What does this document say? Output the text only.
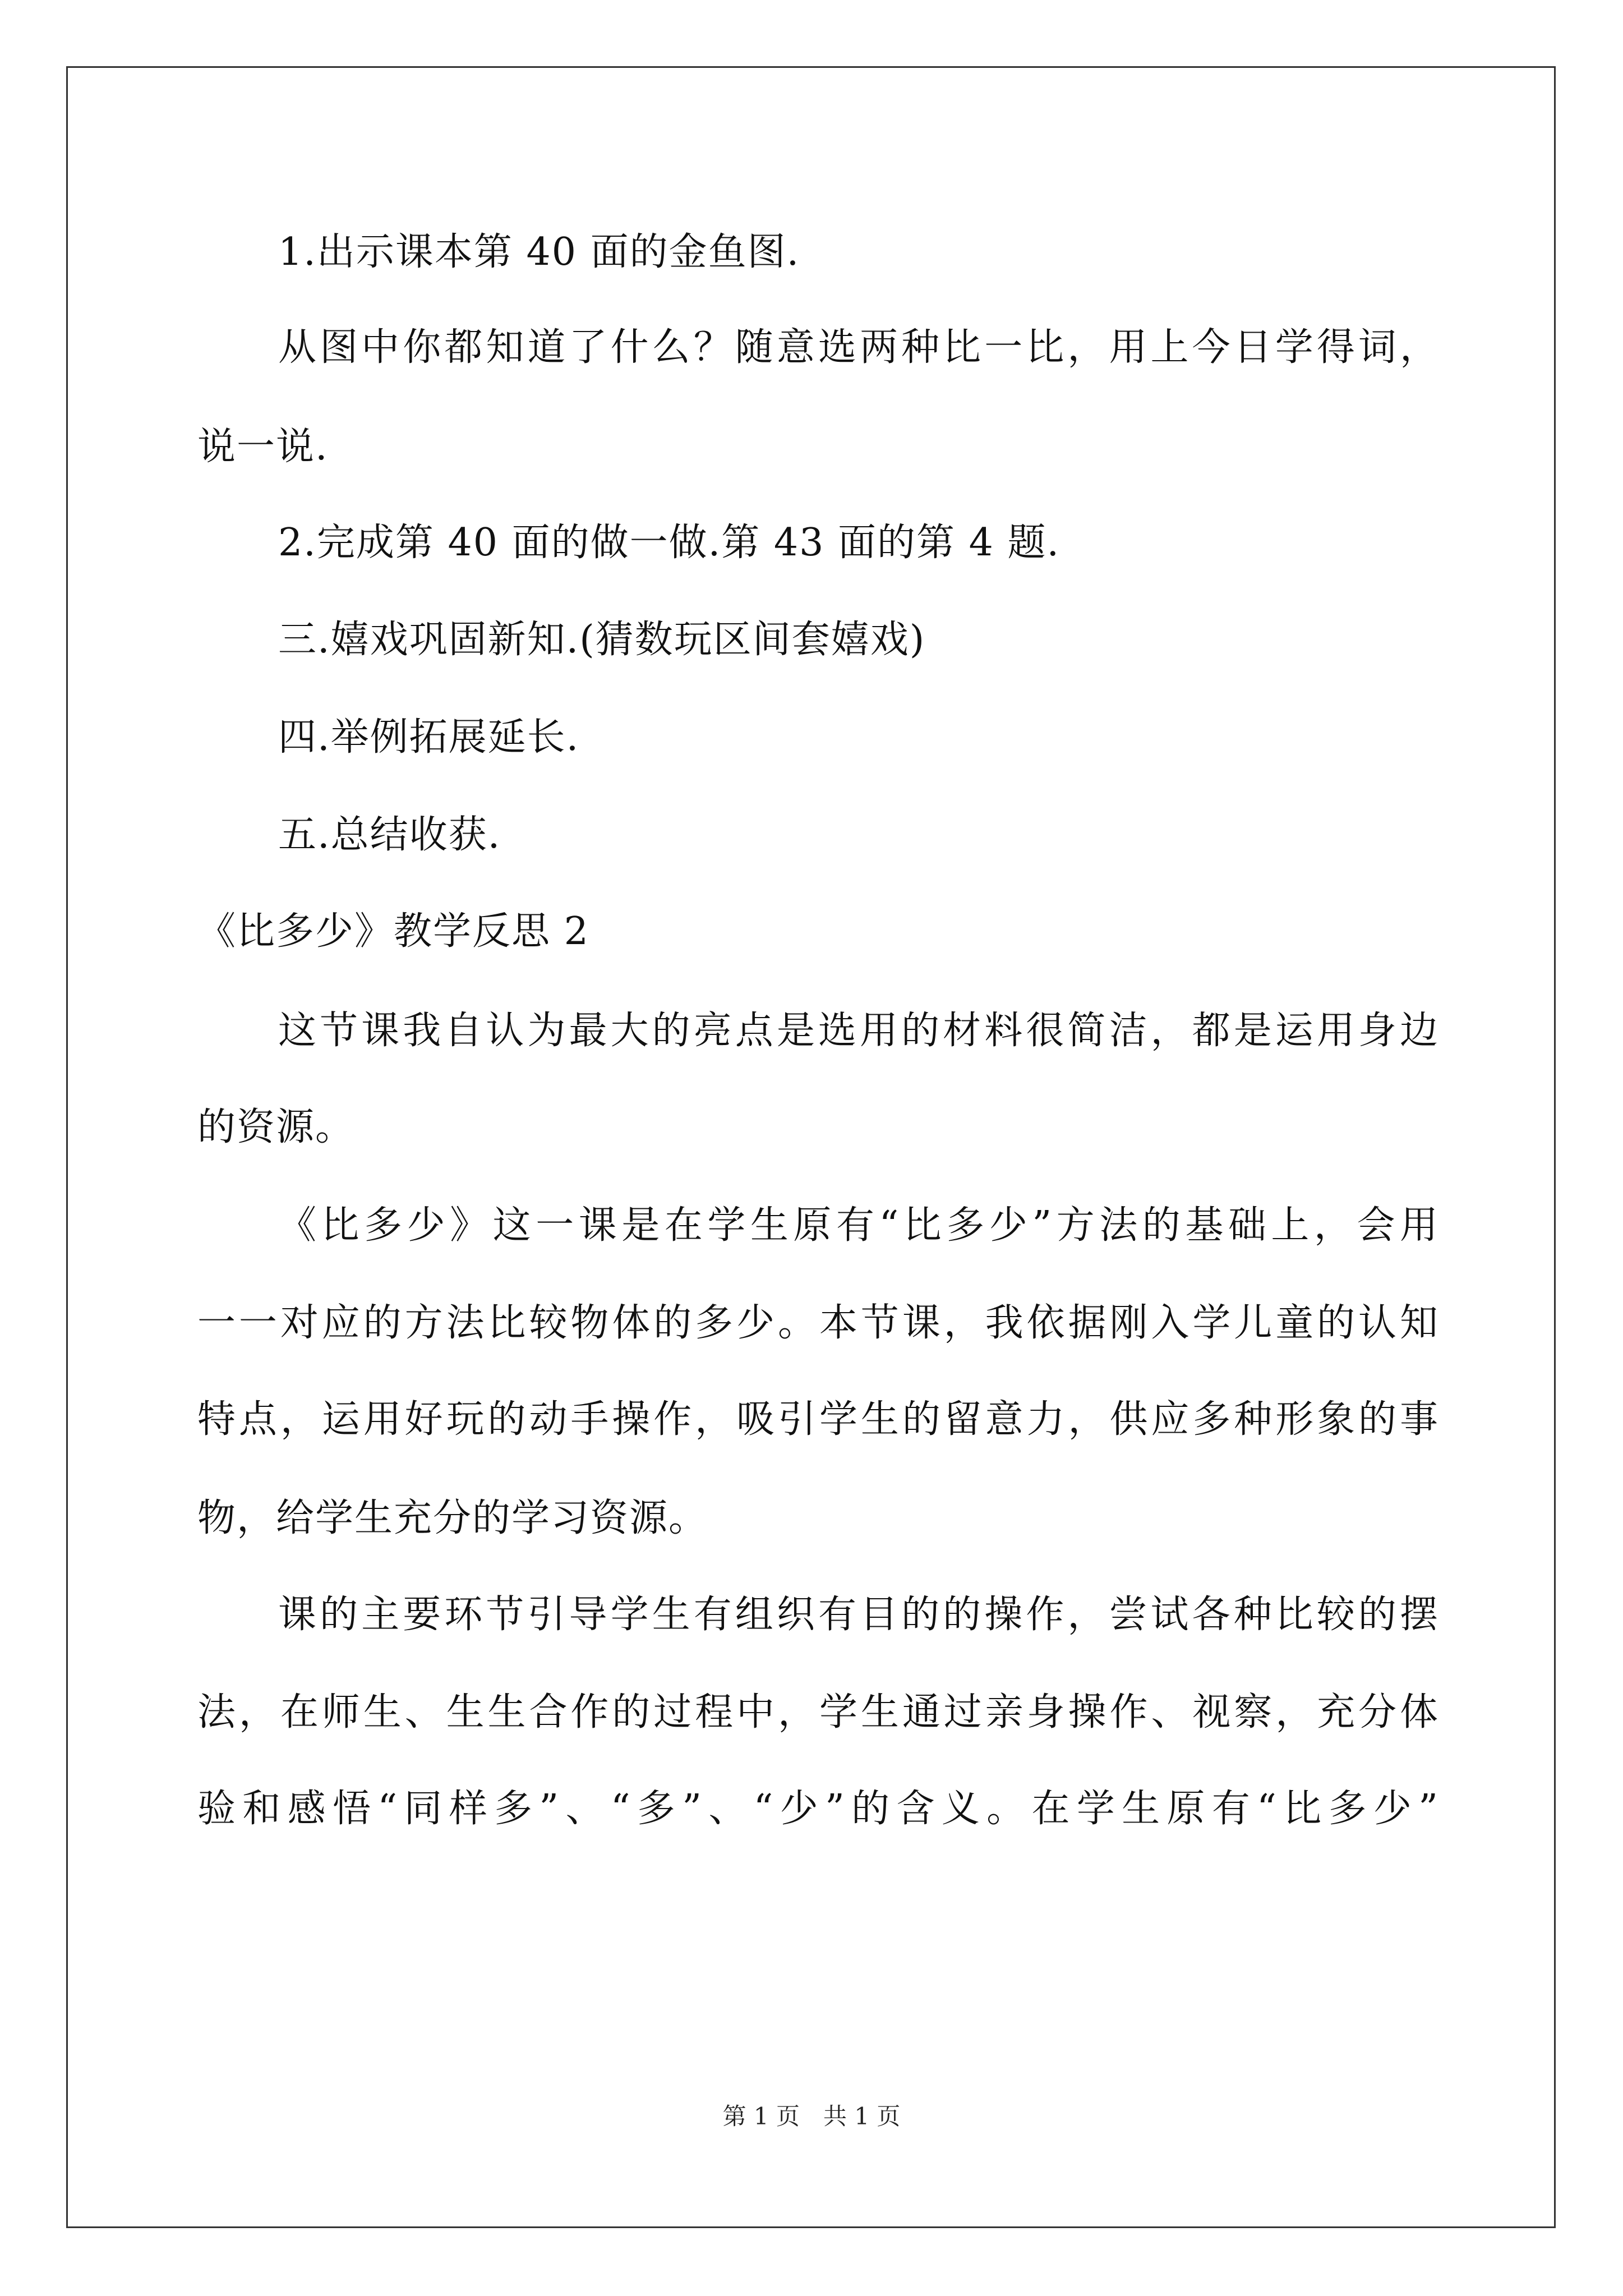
1.出示课本第 40 面的金鱼图.
从图中你都知道了什么？随意选两种比一比，用上今日学得词，
说一说.
2.完成第 40 面的做一做.第 43 面的第 4 题.
三.嬉戏巩固新知.(猜数玩区间套嬉戏)
四.举例拓展延长.
五.总结收获.
《比多少》教学反思 2
这节课我自认为最大的亮点是选用的材料很简洁，都是运用身边
的资源。
《比多少》这一课是在学生原有“比多少”方法的基础上，会用
一一对应的方法比较物体的多少。本节课，我依据刚入学儿童的认知
特点，运用好玩的动手操作，吸引学生的留意力，供应多种形象的事
物，给学生充分的学习资源。
课的主要环节引导学生有组织有目的的操作，尝试各种比较的摆
法，在师生、生生合作的过程中，学生通过亲身操作、视察，充分体
验和感悟“同样多”、“多”、“少”的含义。在学生原有“比多少”
第 1 页　共 1 页
